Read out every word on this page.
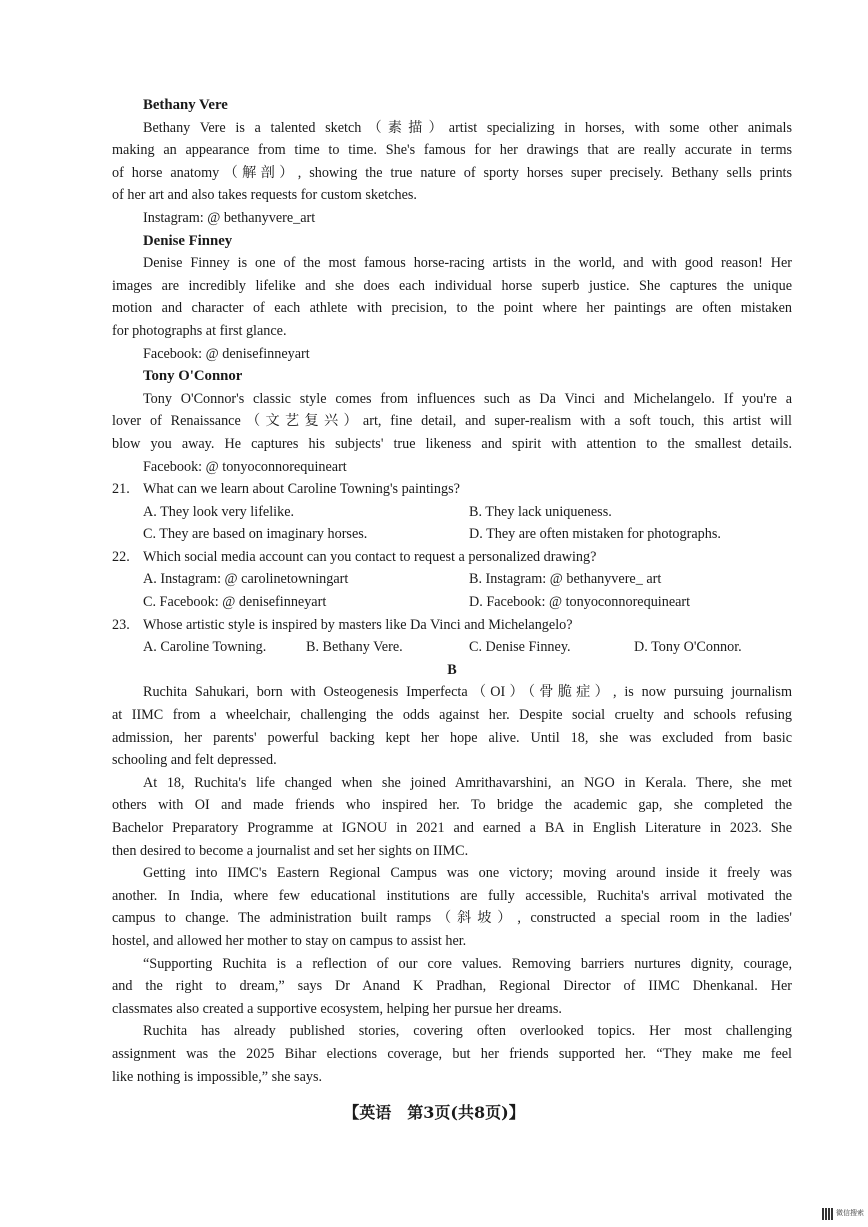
Bethany Vere
Bethany Vere is a talented sketch（素描）artist specializing in horses, with some other animals
making an appearance from time to time. She's famous for her drawings that are really accurate in terms
of horse anatomy（解剖）, showing the true nature of sporty horses super precisely. Bethany sells prints
of her art and also takes requests for custom sketches.
Instagram: @ bethanyvere_art
Denise Finney
Denise Finney is one of the most famous horse-racing artists in the world, and with good reason! Her
images are incredibly lifelike and she does each individual horse superb justice. She captures the unique
motion and character of each athlete with precision, to the point where her paintings are often mistaken
for photographs at first glance.
Facebook: @ denisefinneyart
Tony O'Connor
Tony O'Connor's classic style comes from influences such as Da Vinci and Michelangelo. If you're a
lover of Renaissance（文艺复兴）art, fine detail, and super-realism with a soft touch, this artist will
blow you away. He captures his subjects' true likeness and spirit with attention to the smallest details.
Facebook: @ tonyoconnorequineart
21. What can we learn about Caroline Towning's paintings?
A. They look very lifelike.	B. They lack uniqueness.
C. They are based on imaginary horses.	D. They are often mistaken for photographs.
22. Which social media account can you contact to request a personalized drawing?
A. Instagram: @ carolinetowningart	B. Instagram: @ bethanyvere_ art
C. Facebook: @ denisefinneyart	D. Facebook: @ tonyoconnorequineart
23. Whose artistic style is inspired by masters like Da Vinci and Michelangelo?
A. Caroline Towning.	B. Bethany Vere.	C. Denise Finney.	D. Tony O'Connor.
B
Ruchita Sahukari, born with Osteogenesis Imperfecta（OI）（骨脆症）, is now pursuing journalism
at IIMC from a wheelchair, challenging the odds against her. Despite social cruelty and schools refusing
admission, her parents' powerful backing kept her hope alive. Until 18, she was excluded from basic
schooling and felt depressed.
At 18, Ruchita's life changed when she joined Amrithavarshini, an NGO in Kerala. There, she met
others with OI and made friends who inspired her. To bridge the academic gap, she completed the
Bachelor Preparatory Programme at IGNOU in 2021 and earned a BA in English Literature in 2023. She
then desired to become a journalist and set her sights on IIMC.
Getting into IIMC's Eastern Regional Campus was one victory; moving around inside it freely was
another. In India, where few educational institutions are fully accessible, Ruchita's arrival motivated the
campus to change. The administration built ramps（斜坡）, constructed a special room in the ladies'
hostel, and allowed her mother to stay on campus to assist her.
“Supporting Ruchita is a reflection of our core values. Removing barriers nurtures dignity, courage,
and the right to dream,” says Dr Anand K Pradhan, Regional Director of IIMC Dhenkanal. Her
classmates also created a supportive ecosystem, helping her pursue her dreams.
Ruchita has already published stories, covering often overlooked topics. Her most challenging
assignment was the 2025 Bihar elections coverage, but her friends supported her. “They make me feel
like nothing is impossible,” she says.
【英语　第3页(共8页)】
微信搜索
